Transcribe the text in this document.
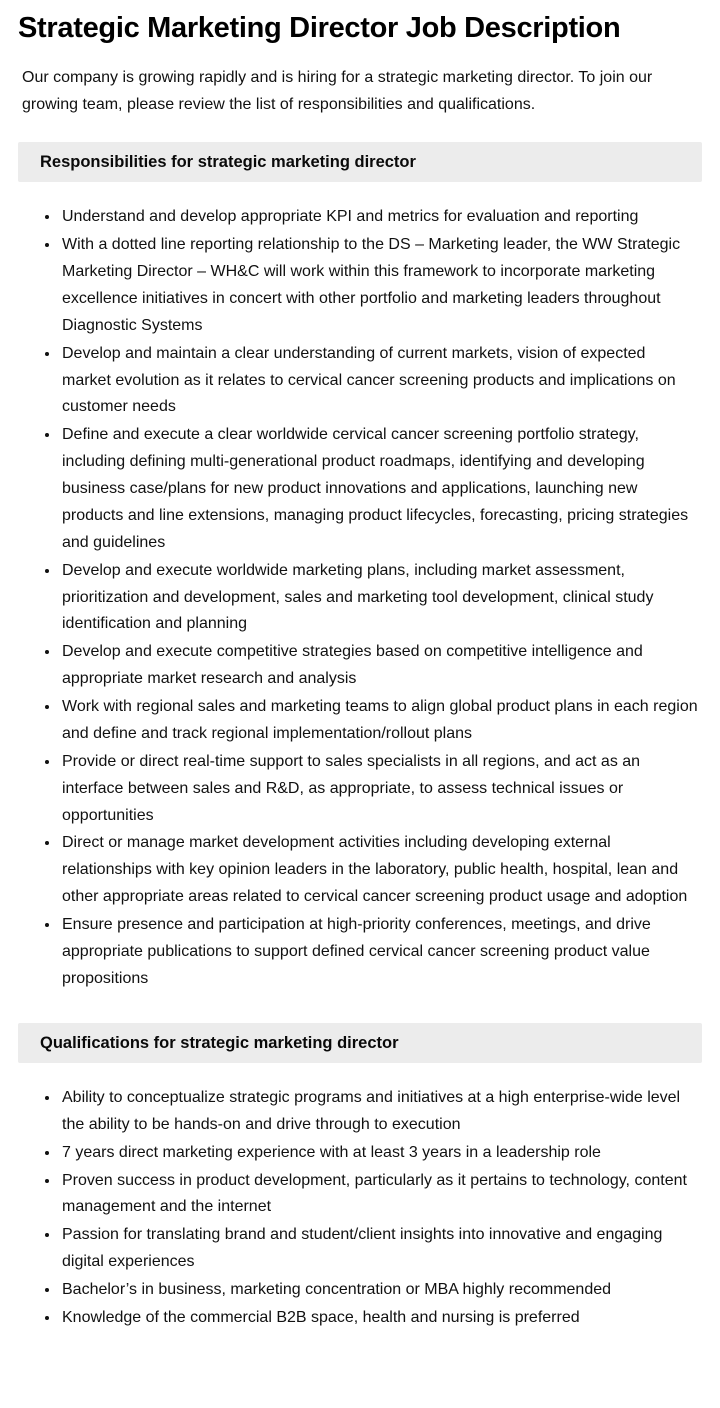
Strategic Marketing Director Job Description

Our company is growing rapidly and is hiring for a strategic marketing director. To join our growing team, please review the list of responsibilities and qualifications.

Responsibilities for strategic marketing director
• Understand and develop appropriate KPI and metrics for evaluation and reporting
• With a dotted line reporting relationship to the DS – Marketing leader, the WW Strategic Marketing Director – WH&C will work within this framework to incorporate marketing excellence initiatives in concert with other portfolio and marketing leaders throughout Diagnostic Systems
• Develop and maintain a clear understanding of current markets, vision of expected market evolution as it relates to cervical cancer screening products and implications on customer needs
• Define and execute a clear worldwide cervical cancer screening portfolio strategy, including defining multi-generational product roadmaps, identifying and developing business case/plans for new product innovations and applications, launching new products and line extensions, managing product lifecycles, forecasting, pricing strategies and guidelines
• Develop and execute worldwide marketing plans, including market assessment, prioritization and development, sales and marketing tool development, clinical study identification and planning
• Develop and execute competitive strategies based on competitive intelligence and appropriate market research and analysis
• Work with regional sales and marketing teams to align global product plans in each region and define and track regional implementation/rollout plans
• Provide or direct real-time support to sales specialists in all regions, and act as an interface between sales and R&D, as appropriate, to assess technical issues or opportunities
• Direct or manage market development activities including developing external relationships with key opinion leaders in the laboratory, public health, hospital, lean and other appropriate areas related to cervical cancer screening product usage and adoption
• Ensure presence and participation at high-priority conferences, meetings, and drive appropriate publications to support defined cervical cancer screening product value propositions
Qualifications for strategic marketing director
• Ability to conceptualize strategic programs and initiatives at a high enterprise-wide level the ability to be hands-on and drive through to execution
• 7 years direct marketing experience with at least 3 years in a leadership role
• Proven success in product development, particularly as it pertains to technology, content management and the internet
• Passion for translating brand and student/client insights into innovative and engaging digital experiences
• Bachelor’s in business, marketing concentration or MBA highly recommended
• Knowledge of the commercial B2B space, health and nursing is preferred
